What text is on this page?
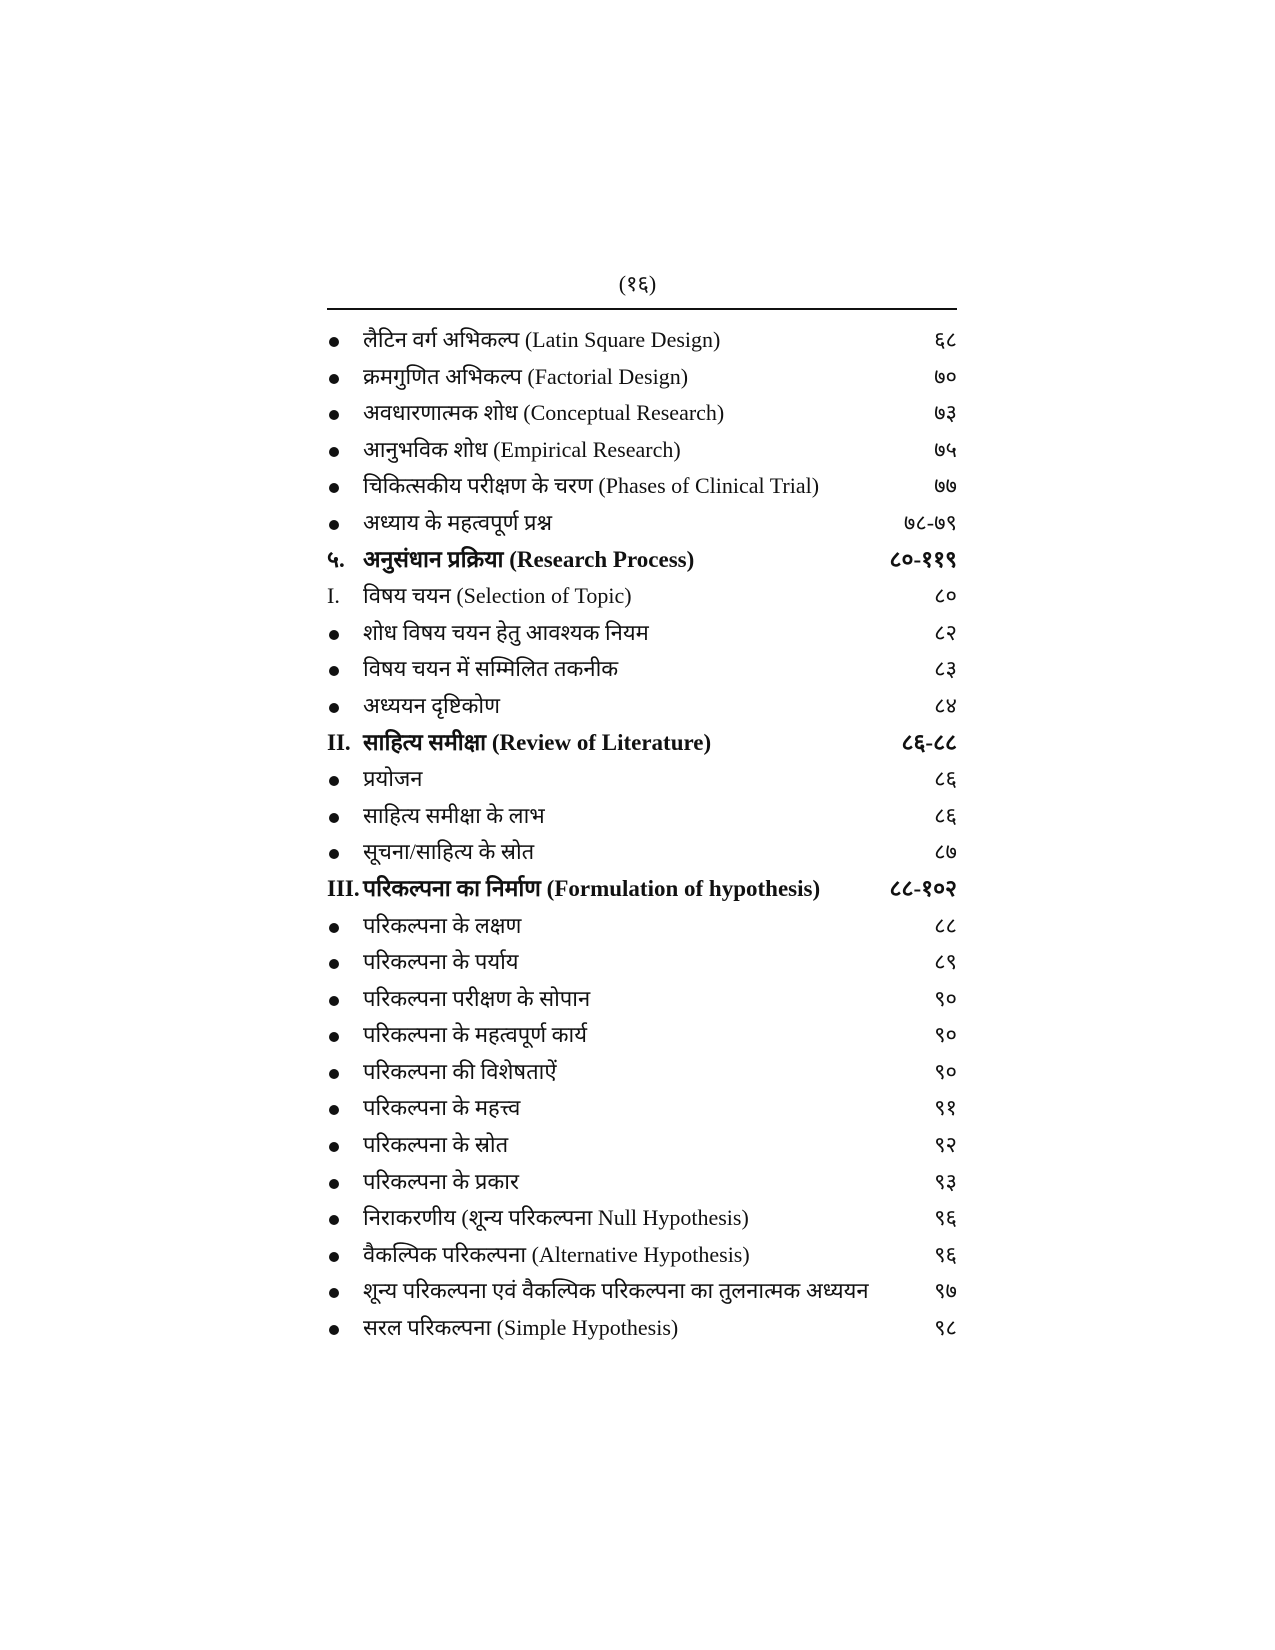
(१६)
लैटिन वर्ग अभिकल्प (Latin Square Design)	६८
क्रमगुणित अभिकल्प (Factorial Design)	७०
अवधारणात्मक शोध (Conceptual Research)	७३
आनुभविक शोध (Empirical Research)	७५
चिकित्सकीय परीक्षण के चरण (Phases of Clinical Trial)	७७
अध्याय के महत्वपूर्ण प्रश्न	७८-७९
५. अनुसंधान प्रक्रिया (Research Process)	८०-११९
I.	विषय चयन (Selection of Topic)	८०
शोध विषय चयन हेतु आवश्यक नियम	८२
विषय चयन में सम्मिलित तकनीक	८३
अध्ययन दृष्टिकोण	८४
II. साहित्य समीक्षा (Review of Literature)	८६-८८
प्रयोजन	८६
साहित्य समीक्षा के लाभ	८६
सूचना/साहित्य के स्रोत	८७
III. परिकल्पना का निर्माण (Formulation of hypothesis)	८८-१०२
परिकल्पना के लक्षण	८८
परिकल्पना के पर्याय	८९
परिकल्पना परीक्षण के सोपान	९०
परिकल्पना के महत्वपूर्ण कार्य	९०
परिकल्पना की विशेषताऐं	९०
परिकल्पना के महत्त्व	९१
परिकल्पना के स्रोत	९२
परिकल्पना के प्रकार	९३
निराकरणीय (शून्य परिकल्पना Null Hypothesis)	९६
वैकल्पिक परिकल्पना (Alternative Hypothesis)	९६
शून्य परिकल्पना एवं वैकल्पिक परिकल्पना का तुलनात्मक अध्ययन	९७
सरल परिकल्पना (Simple Hypothesis)	९८
